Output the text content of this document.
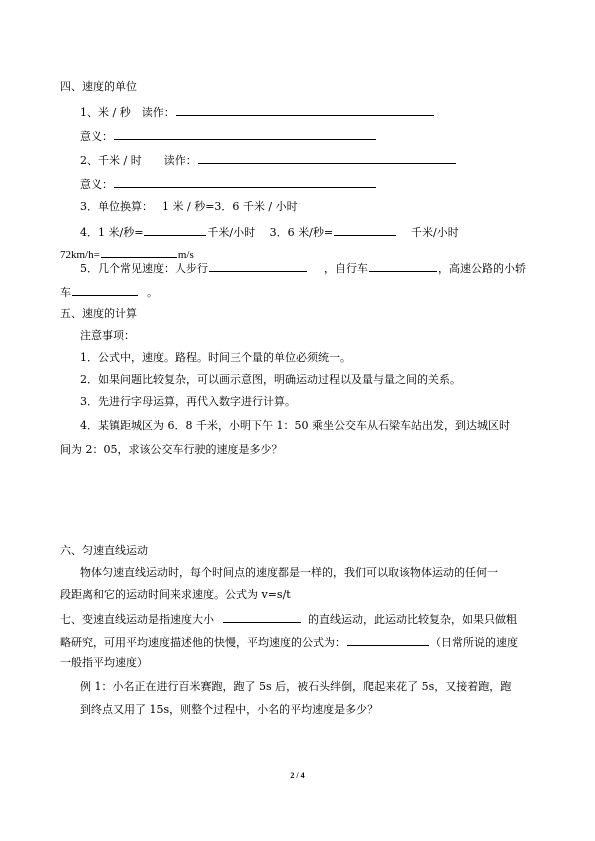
四、速度的单位
1、米 / 秒　读作：
意义：
2、千米 / 时　　读作：
意义：
3．单位换算：　 1 米 / 秒=3．6 千米 / 小时
4．1 米/秒=	千米/小时　 3．6 米/秒=	千米/小时
72km/h=	m/s
5．几个常见速度：人步行	，自行车	，高速公路的小轿
车	。
五、速度的计算
注意事项：
1．公式中，速度。路程。时间三个量的单位必须统一。
2．如果问题比较复杂，可以画示意图，明确运动过程以及量与量之间的关系。
3．先进行字母运算，再代入数字进行计算。
4．某镇距城区为 6．8 千米，小明下午 1：50 乘坐公交车从石梁车站出发，到达城区时
间为 2：05，求该公交车行驶的速度是多少？
六、匀速直线运动
物体匀速直线运动时，每个时间点的速度都是一样的，我们可以取该物体运动的任何一
段距离和它的运动时间来求速度。公式为 v=s/t
七、变速直线运动是指速度大小	的直线运动，此运动比较复杂，如果只做粗
略研究，可用平均速度描述他的快慢，平均速度的公式为：	（日常所说的速度
一般指平均速度）
例 1：小名正在进行百米赛跑，跑了 5s 后，被石头绊倒，爬起来花了 5s，又接着跑，跑
到终点又用了 15s，则整个过程中，小名的平均速度是多少？
2 / 4
